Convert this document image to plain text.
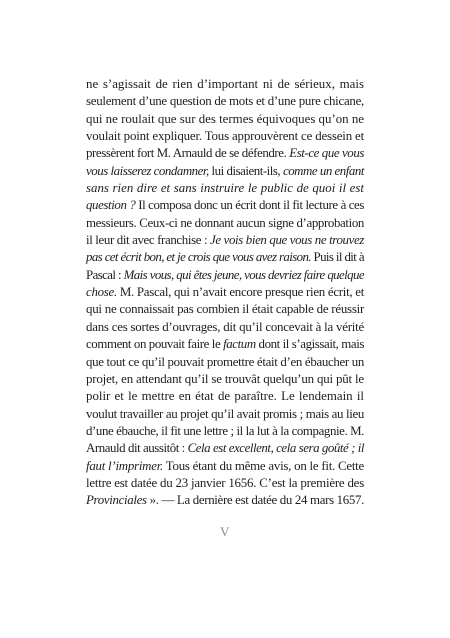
ne s’agissait de rien d’important ni de sérieux, mais
seulement d’une question de mots et d’une pure chicane,
qui ne roulait que sur des termes équivoques qu’on ne
voulait point expliquer. Tous approuvèrent ce dessein et
pressèrent fort M. Arnauld de se défendre. Est-ce que vous
vous laisserez condamner, lui disaient-ils, comme un enfant
sans rien dire et sans instruire le public de quoi il est
question ? Il composa donc un écrit dont il fit lecture à ces
messieurs. Ceux-ci ne donnant aucun signe d’approbation
il leur dit avec franchise : Je vois bien que vous ne trouvez
pas cet écrit bon, et je crois que vous avez raison. Puis il dit à
Pascal : Mais vous, qui êtes jeune, vous devriez faire quelque
chose. M. Pascal, qui n’avait encore presque rien écrit, et
qui ne connaissait pas combien il était capable de réussir
dans ces sortes d’ouvrages, dit qu’il concevait à la vérité
comment on pouvait faire le factum dont il s’agissait, mais
que tout ce qu’il pouvait promettre était d’en ébaucher un
projet, en attendant qu’il se trouvât quelqu’un qui pût le
polir et le mettre en état de paraître. Le lendemain il
voulut travailler au projet qu’il avait promis ; mais au lieu
d’une ébauche, il fit une lettre ; il la lut à la compagnie. M.
Arnauld dit aussitôt : Cela est excellent, cela sera goûté ; il
faut l’imprimer. Tous étant du même avis, on le fit. Cette
lettre est datée du 23 janvier 1656. C’est la première des
Provinciales ». — La dernière est datée du 24 mars 1657.
V
